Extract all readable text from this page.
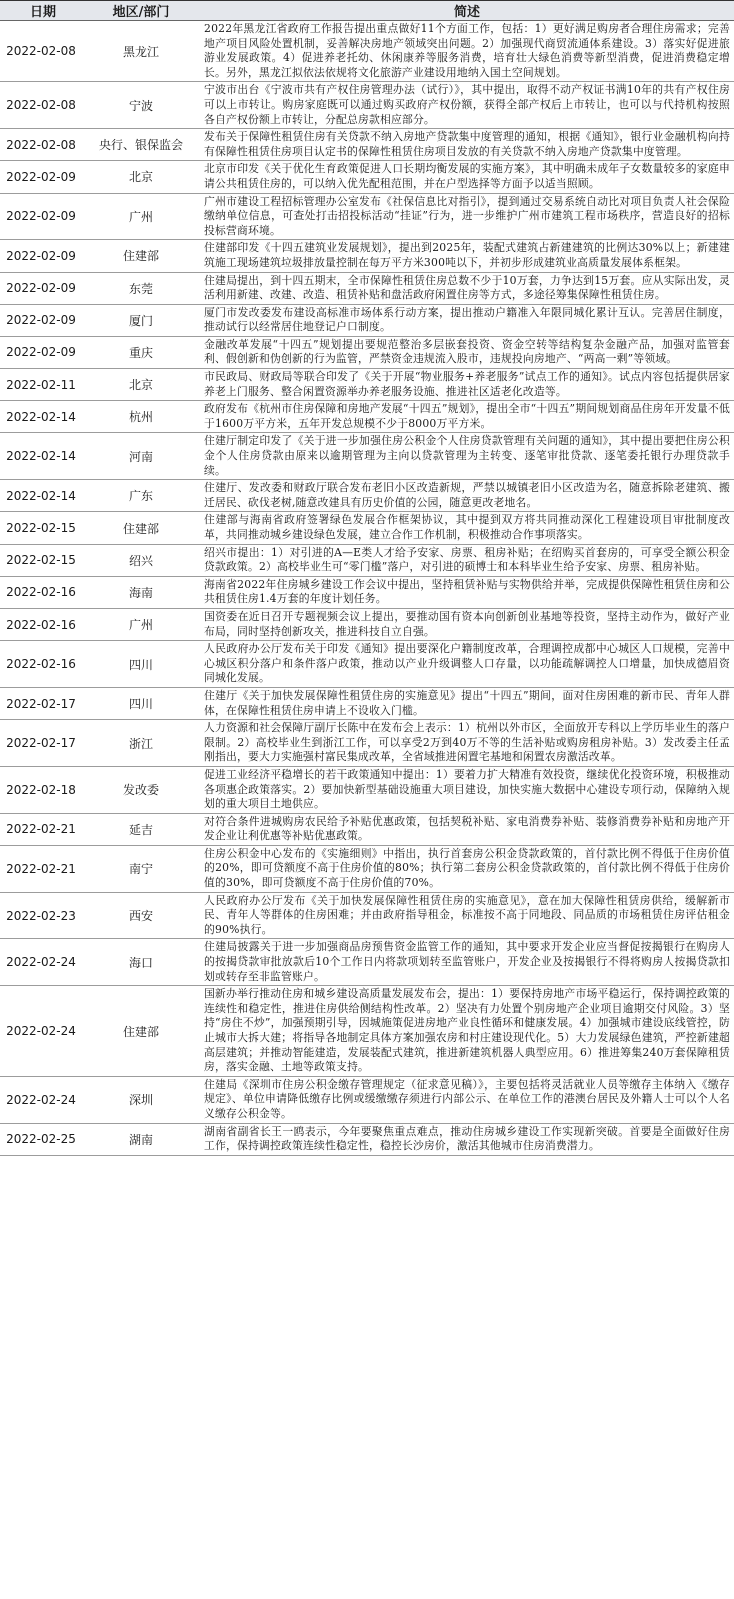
日期	地区/部门	简述
2022-02-08	黑龙江	2022年黑龙江省政府工作报告提出重点做好11个方面工作，包括：1）更好满足购房者合理住房需求；完善地产项目风险处置机制，妥善解决房地产领域突出问题。2）加强现代商贸流通体系建设。3）落实好促进旅游业发展政策。4）促进养老托幼、休闲康养等服务消费，培育壮大绿色消费等新型消费，促进消费稳定增长。另外，黑龙江拟依法依规将文化旅游产业建设用地纳入国土空间规划。
2022-02-08	宁波	宁波市出台《宁波市共有产权住房管理办法（试行）》，其中提出，取得不动产权证书满10年的共有产权住房可以上市转让。购房家庭既可以通过购买政府产权份额，获得全部产权后上市转让，也可以与代持机构按照各自产权份额上市转让，分配总房款相应部分。
2022-02-08	央行、银保监会	发布关于保障性租赁住房有关贷款不纳入房地产贷款集中度管理的通知，根据《通知》，银行业金融机构向持有保障性租赁住房项目认定书的保障性租赁住房项目发放的有关贷款不纳入房地产贷款集中度管理。
2022-02-09	北京	北京市印发《关于优化生育政策促进人口长期均衡发展的实施方案》，其中明确未成年子女数量较多的家庭申请公共租赁住房的，可以纳入优先配租范围，并在户型选择等方面予以适当照顾。
2022-02-09	广州	广州市建设工程招标管理办公室发布《社保信息比对指引》，提到通过交易系统自动比对项目负责人社会保险缴纳单位信息，可查处打击招投标活动“挂证”行为，进一步维护广州市建筑工程市场秩序，营造良好的招标投标营商环境。
2022-02-09	住建部	住建部印发《十四五建筑业发展规划》，提出到2025年，装配式建筑占新建建筑的比例达30%以上；新建建筑施工现场建筑垃圾排放量控制在每万平方米300吨以下，并初步形成建筑业高质量发展体系框架。
2022-02-09	东莞	住建局提出，到十四五期末，全市保障性租赁住房总数不少于10万套，力争达到15万套。应从实际出发，灵活利用新建、改建、改造、租赁补贴和盘活政府闲置住房等方式，多途径筹集保障性租赁住房。
2022-02-09	厦门	厦门市发改委发布建设高标准市场体系行动方案，提出推动户籍准入年限同城化累计互认。完善居住制度，推动试行以经常居住地登记户口制度。
2022-02-09	重庆	金融改革发展“十四五”规划提出要规范整治多层嵌套投资、资金空转等结构复杂金融产品，加强对监管套利、假创新和伪创新的行为监管，严禁资金违规流入股市，违规投向房地产、“两高一剩”等领域。
2022-02-11	北京	市民政局、财政局等联合印发了《关于开展“物业服务+养老服务”试点工作的通知》。试点内容包括提供居家养老上门服务、整合闲置资源举办养老服务设施、推进社区适老化改造等。
2022-02-14	杭州	政府发布《杭州市住房保障和房地产发展“十四五”规划》，提出全市“十四五”期间规划商品住房年开发量不低于1600万平方米，五年开发总规模不少于8000万平方米。
2022-02-14	河南	住建厅制定印发了《关于进一步加强住房公积金个人住房贷款管理有关问题的通知》，其中提出要把住房公积金个人住房贷款由原来以逾期管理为主向以贷款管理为主转变、逐笔审批贷款、逐笔委托银行办理贷款手续。
2022-02-14	广东	住建厅、发改委和财政厅联合发布老旧小区改造新规，严禁以城镇老旧小区改造为名，随意拆除老建筑、搬迁居民、砍伐老树,随意改建具有历史价值的公园，随意更改老地名。
2022-02-15	住建部	住建部与海南省政府签署绿色发展合作框架协议，其中提到双方将共同推动深化工程建设项目审批制度改革，共同推动城乡建设绿色发展，建立合作工作机制，积极推动合作事项落实。
2022-02-15	绍兴	绍兴市提出：1）对引进的A—E类人才给予安家、房票、租房补贴；在绍购买首套房的，可享受全额公积金贷款政策。2）高校毕业生可“零门槛”落户，对引进的硕博士和本科毕业生给予安家、房票、租房补贴。
2022-02-16	海南	海南省2022年住房城乡建设工作会议中提出，坚持租赁补贴与实物供给并举，完成提供保障性租赁住房和公共租赁住房1.4万套的年度计划任务。
2022-02-16	广州	国资委在近日召开专题视频会议上提出，要推动国有资本向创新创业基地等投资，坚持主动作为，做好产业布局，同时坚持创新攻关，推进科技自立自强。
2022-02-16	四川	人民政府办公厅发布关于印发《通知》提出要深化户籍制度改革，合理调控成都中心城区人口规模，完善中心城区积分落户和条件落户政策，推动以产业升级调整人口存量，以功能疏解调控人口增量，加快成德眉资同城化发展。
2022-02-17	四川	住建厅《关于加快发展保障性租赁住房的实施意见》提出“十四五”期间，面对住房困难的新市民、青年人群体，在保障性租赁住房申请上不设收入门槛。
2022-02-17	浙江	人力资源和社会保障厅副厅长陈中在发布会上表示：1）杭州以外市区，全面放开专科以上学历毕业生的落户限制。2）高校毕业生到浙江工作，可以享受2万到40万不等的生活补贴或购房租房补贴。3）发改委主任孟刚指出，要大力实施强村富民集成改革，全省域推进闲置宅基地和闲置农房激活改革。
2022-02-18	发改委	促进工业经济平稳增长的若干政策通知中提出：1）要着力扩大精准有效投资，继续优化投资环境，积极推动各项惠企政策落实。2）要加快新型基础设施重大项目建设，加快实施大数据中心建设专项行动，保障纳入规划的重大项目土地供应。
2022-02-21	延吉	对符合条件进城购房农民给予补贴优惠政策，包括契税补贴、家电消费券补贴、装修消费券补贴和房地产开发企业让利优惠等补贴优惠政策。
2022-02-21	南宁	住房公积金中心发布的《实施细则》中指出，执行首套房公积金贷款政策的，首付款比例不得低于住房价值的20%，即可贷额度不高于住房价值的80%；执行第二套房公积金贷款政策的，首付款比例不得低于住房价值的30%，即可贷额度不高于住房价值的70%。
2022-02-23	西安	人民政府办公厅发布《关于加快发展保障性租赁住房的实施意见》，意在加大保障性租赁房供给，缓解新市民、青年人等群体的住房困难；并由政府指导租金，标准按不高于同地段、同品质的市场租赁住房评估租金的90%执行。
2022-02-24	海口	住建局披露关于进一步加强商品房预售资金监管工作的通知，其中要求开发企业应当督促按揭银行在购房人的按揭贷款审批放款后10个工作日内将款项划转至监管账户，开发企业及按揭银行不得将购房人按揭贷款扣划或转存至非监管账户。
2022-02-24	住建部	国新办举行推动住房和城乡建设高质量发展发布会，提出：1）要保持房地产市场平稳运行，保持调控政策的连续性和稳定性，推进住房供给侧结构性改革。2）坚决有力处置个别房地产企业项目逾期交付风险。3）坚持“房住不炒”，加强预期引导，因城施策促进房地产业良性循环和健康发展。4）加强城市建设底线管控，防止城市大拆大建；将指导各地制定具体方案加强农房和村庄建设现代化。5）大力发展绿色建筑，严控新建超高层建筑；并推动智能建造，发展装配式建筑，推进新建筑机器人典型应用。6）推进筹集240万套保障租赁房，落实金融、土地等政策支持。
2022-02-24	深圳	住建局《深圳市住房公积金缴存管理规定（征求意见稿）》，主要包括将灵活就业人员等缴存主体纳入《缴存规定》、单位申请降低缴存比例或缓缴缴存须进行内部公示、在单位工作的港澳台居民及外籍人士可以个人名义缴存公积金等。
2022-02-25	湖南	湖南省副省长王一鸥表示，今年要聚焦重点难点，推动住房城乡建设工作实现新突破。首要是全面做好住房工作，保持调控政策连续性稳定性，稳控长沙房价，激活其他城市住房消费潜力。
